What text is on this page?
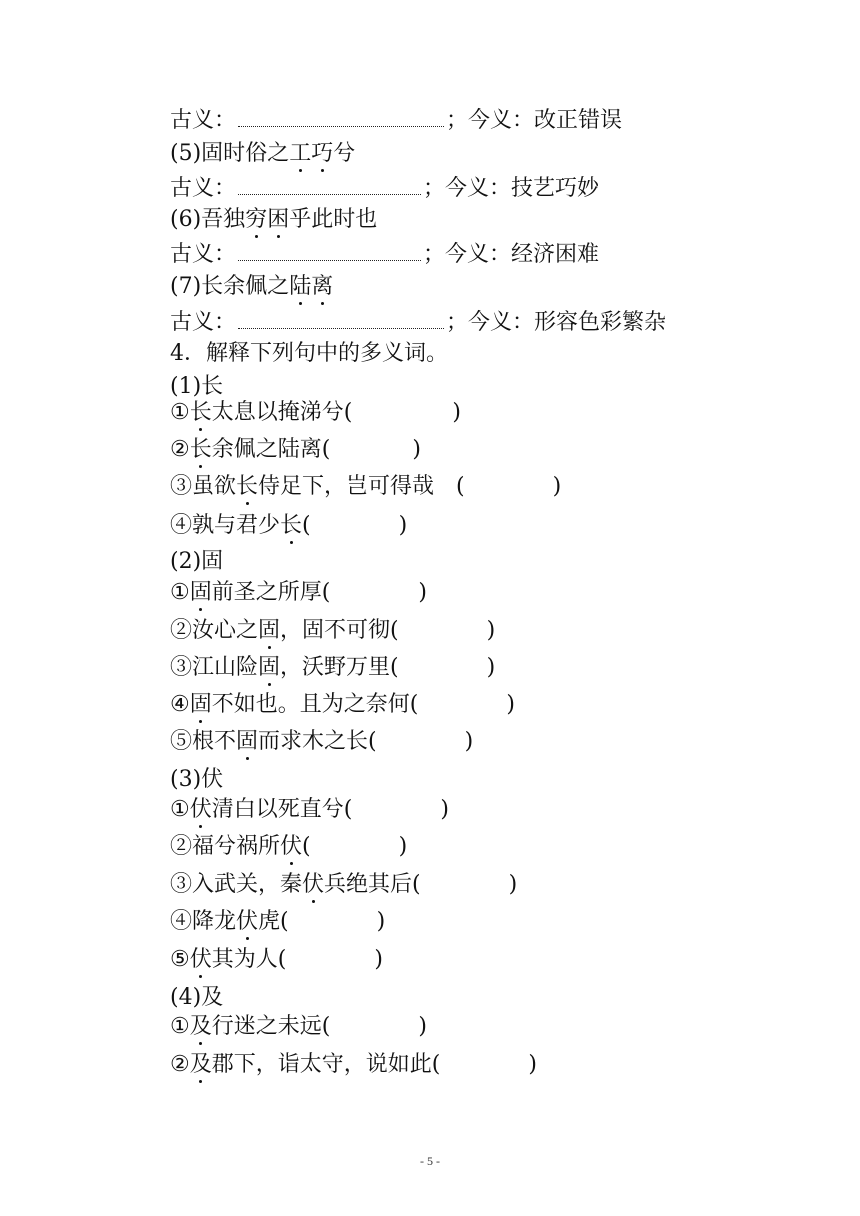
古义：	；今义：改正错误
(5)固时俗之工巧兮
古义：	；今义：技艺巧妙
(6)吾独穷困乎此时也
古义：	；今义：经济困难
(7)长余佩之陆离
古义：	；今义：形容色彩繁杂
4．解释下列句中的多义词。
(1)长
①长太息以掩涕兮(	)
②长余佩之陆离(	)
③虽欲长侍足下，岂可得哉　(	)
④孰与君少长(	)
(2)固
①固前圣之所厚(	)
②汝心之固，固不可彻(	)
③江山险固，沃野万里(	)
④固不如也。且为之奈何(	)
⑤根不固而求木之长(	)
(3)伏
①伏清白以死直兮(	)
②福兮祸所伏(	)
③入武关，秦伏兵绝其后(	)
④降龙伏虎(	)
⑤伏其为人(	)
(4)及
①及行迷之未远(	)
②及郡下，诣太守，说如此(	)
- 5 -
